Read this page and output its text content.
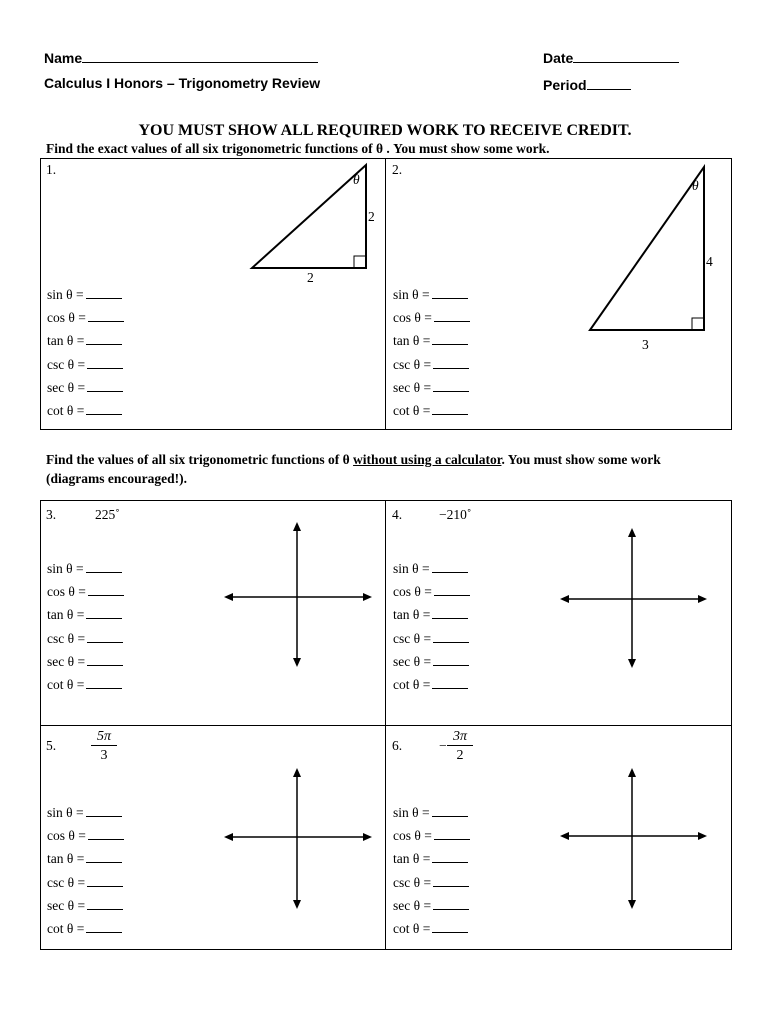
Name	Date
Calculus I Honors – Trigonometry Review	Period
YOU MUST SHOW ALL REQUIRED WORK TO RECEIVE CREDIT.
Find the exact values of all six trigonometric functions of θ . You must show some work.
1.
θ
2
2
sin θ =
cos θ =
tan θ =
csc θ =
sec θ =
cot θ =
2.
θ
4
3
sin θ =
cos θ =
tan θ =
csc θ =
sec θ =
cot θ =
Find the values of all six trigonometric functions of θ without using a calculator. You must show some work (diagrams encouraged!).
3.	225˚
sin θ =
cos θ =
tan θ =
csc θ =
sec θ =
cot θ =
4.	−210˚
sin θ =
cos θ =
tan θ =
csc θ =
sec θ =
cot θ =
5. $\frac{5\pi}{3}$
sin θ =
cos θ =
tan θ =
csc θ =
sec θ =
cot θ =
6.	− $\frac{3\pi}{2}$
sin θ =
cos θ =
tan θ =
csc θ =
sec θ =
cot θ =
